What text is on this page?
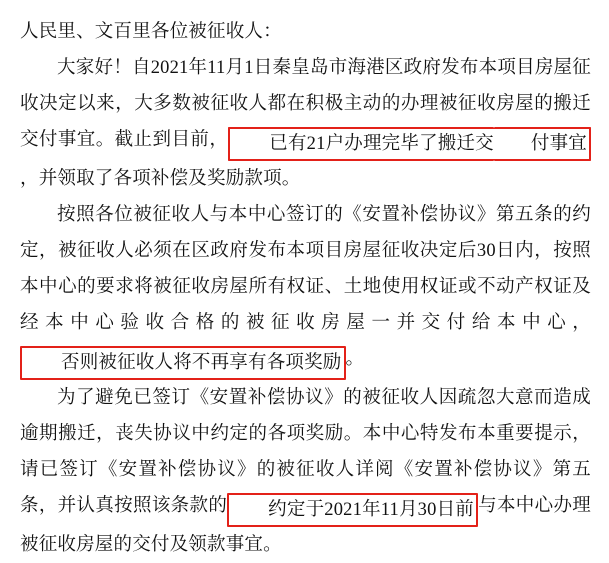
人民里、文百里各位被征收人：

大家好！自2021年11月1日秦皇岛市海港区政府发布本项目房屋征收决定以来，大多数被征收人都在积极主动的办理被征收房屋的搬迁交付事宜。截止到目前， 已有21户办理完毕了搬迁交 付事宜，并领取了各项补偿及奖励款项。

按照各位被征收人与本中心签订的《安置补偿协议》第五条的约定，被征收人必须在区政府发布本项目房屋征收决定后30日内，按照本中心的要求将被征收房屋所有权证、土地使用权证或不动产权证及经本中心验收合格的被征收房屋一并交付给本中心，否则被征收人将不再享有各项奖励 。

为了避免已签订《安置补偿协议》的被征收人因疏忽大意而造成逾期搬迁，丧失协议中约定的各项奖励。本中心特发布本重要提示，请已签订《安置补偿协议》的被征收人详阅《安置补偿协议》第五条，并认真按照该条款的 约定于2021年11月30日前 与本中心办理被征收房屋的交付及领款事宜。
